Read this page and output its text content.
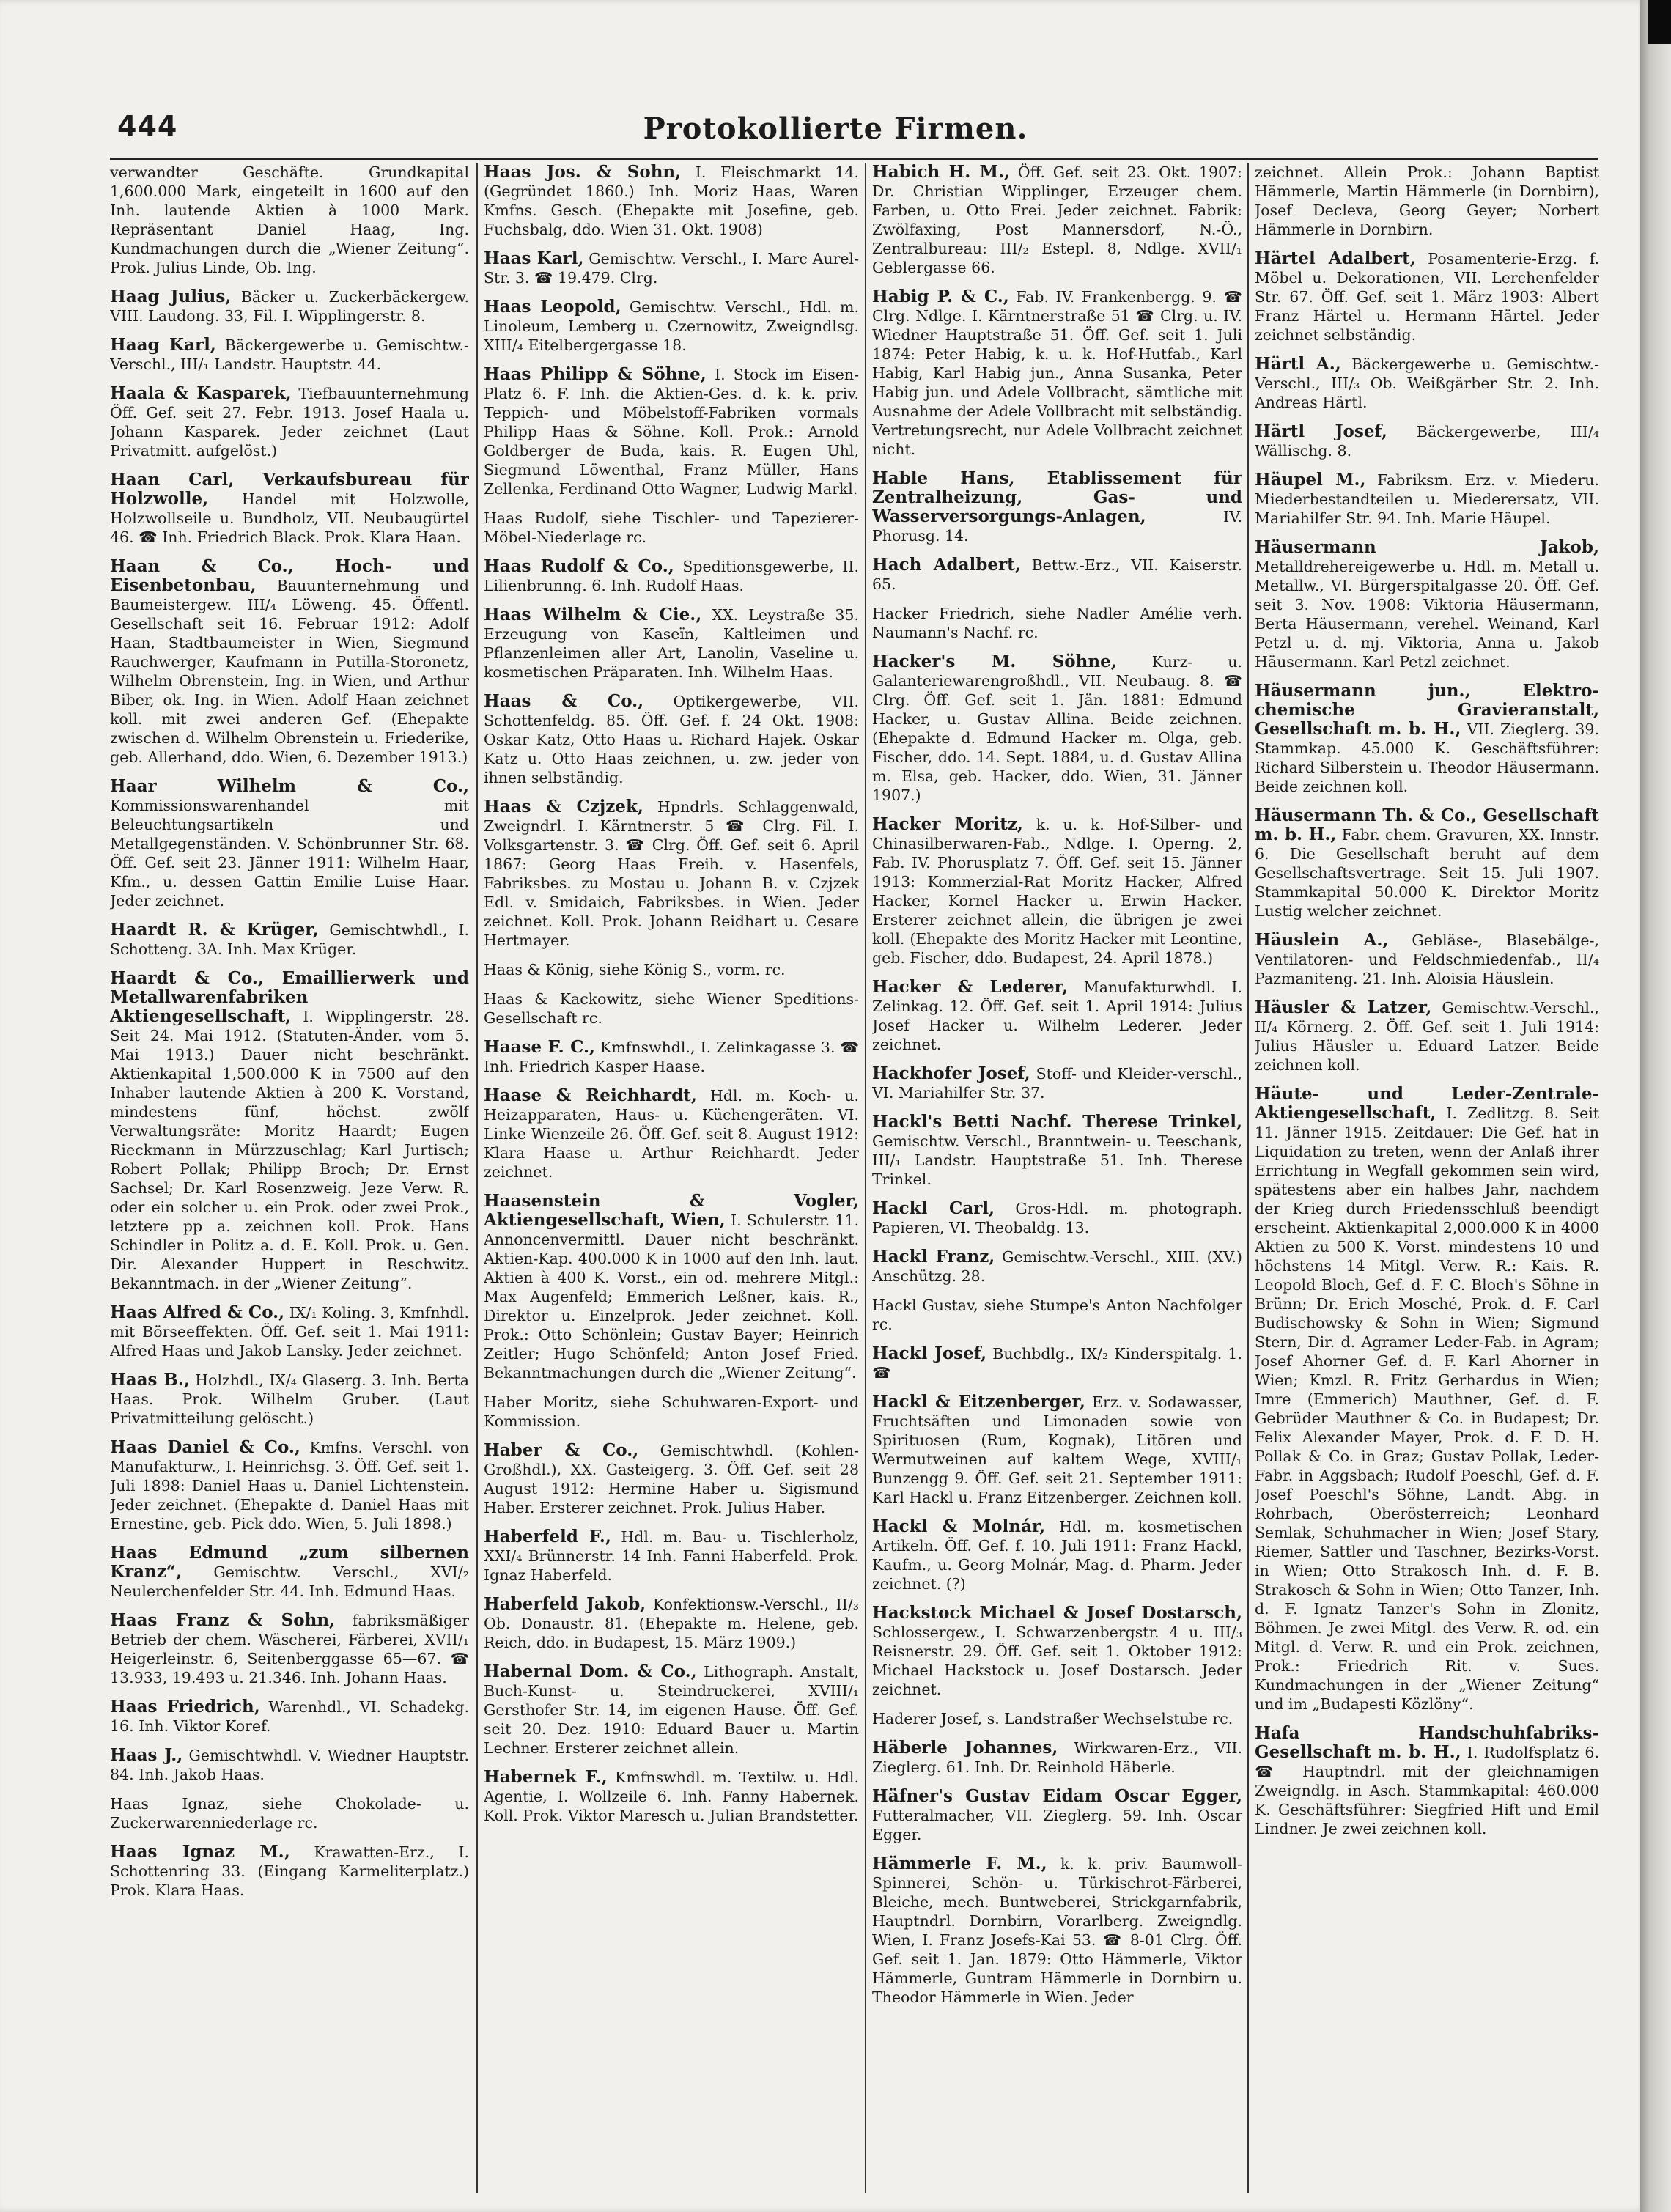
444	Protokollierte Firmen.

verwandter Geschäfte. Grundkapital 1,600.000 Mark, eingeteilt in 1600 auf den Inh. lautende Aktien à 1000 Mark. Repräsentant Daniel Haag, Ing. Kundmachungen durch die „Wiener Zeitung“. Prok. Julius Linde, Ob. Ing.

Haag Julius, Bäcker u. Zuckerbäckergew. VIII. Laudong. 33, Fil. I. Wipplingerstr. 8.

Haag Karl, Bäckergewerbe u. Gemischtw.-Verschl., III/₁ Landstr. Hauptstr. 44.

Haala & Kasparek, Tiefbauunternehmung Öff. Gef. seit 27. Febr. 1913. Josef Haala u. Johann Kasparek. Jeder zeichnet (Laut Privatmitt. aufgelöst.)

Haan Carl, Verkaufsbureau für Holzwolle, Handel mit Holzwolle, Holzwollseile u. Bundholz, VII. Neubaugürtel 46. ☎ Inh. Friedrich Black. Prok. Klara Haan.

Haan & Co., Hoch- und Eisenbetonbau, Bauunternehmung und Baumeistergew. III/₄ Löweng. 45. Öffentl. Gesellschaft seit 16. Februar 1912: Adolf Haan, Stadtbaumeister in Wien, Siegmund Rauchwerger, Kaufmann in Putilla-Storonetz, Wilhelm Obrenstein, Ing. in Wien, und Arthur Biber, ok. Ing. in Wien. Adolf Haan zeichnet koll. mit zwei anderen Gef. (Ehepakte zwischen d. Wilhelm Obrenstein u. Friederike, geb. Allerhand, ddo. Wien, 6. Dezember 1913.)

Haar Wilhelm & Co., Kommissionswarenhandel mit Beleuchtungsartikeln und Metallgegenständen. V. Schönbrunner Str. 68. Öff. Gef. seit 23. Jänner 1911: Wilhelm Haar, Kfm., u. dessen Gattin Emilie Luise Haar. Jeder zeichnet.

Haardt R. & Krüger, Gemischtwhdl., I. Schotteng. 3A. Inh. Max Krüger.

Haardt & Co., Emaillierwerk und Metallwarenfabriken Aktiengesellschaft, I. Wipplingerstr. 28. Seit 24. Mai 1912. (Statuten-Änder. vom 5. Mai 1913.) Dauer nicht beschränkt. Aktienkapital 1,500.000 K in 7500 auf den Inhaber lautende Aktien à 200 K. Vorstand, mindestens fünf, höchst. zwölf Verwaltungsräte: Moritz Haardt; Eugen Rieckmann in Mürzzuschlag; Karl Jurtisch; Robert Pollak; Philipp Broch; Dr. Ernst Sachsel; Dr. Karl Rosenzweig. Jeze Verw. R. oder ein solcher u. ein Prok. oder zwei Prok., letztere pp a. zeichnen koll. Prok. Hans Schindler in Politz a. d. E. Koll. Prok. u. Gen. Dir. Alexander Huppert in Reschwitz. Bekanntmach. in der „Wiener Zeitung“.

Haas Alfred & Co., IX/₁ Koling. 3, Kmfnhdl. mit Börseeffekten. Öff. Gef. seit 1. Mai 1911: Alfred Haas und Jakob Lansky. Jeder zeichnet.

Haas B., Holzhdl., IX/₄ Glaserg. 3. Inh. Berta Haas. Prok. Wilhelm Gruber. (Laut Privatmitteilung gelöscht.)

Haas Daniel & Co., Kmfns. Verschl. von Manufakturw., I. Heinrichsg. 3. Öff. Gef. seit 1. Juli 1898: Daniel Haas u. Daniel Lichtenstein. Jeder zeichnet. (Ehepakte d. Daniel Haas mit Ernestine, geb. Pick ddo. Wien, 5. Juli 1898.)

Haas Edmund „zum silbernen Kranz“, Gemischtw. Verschl., XVI/₂ Neulerchenfelder Str. 44. Inh. Edmund Haas.

Haas Franz & Sohn, fabriksmäßiger Betrieb der chem. Wäscherei, Färberei, XVII/₁ Heigerleinstr. 6, Seitenberggasse 65—67. ☎ 13.933, 19.493 u. 21.346. Inh. Johann Haas.

Haas Friedrich, Warenhdl., VI. Schadekg. 16. Inh. Viktor Koref.

Haas J., Gemischtwhdl. V. Wiedner Hauptstr. 84. Inh. Jakob Haas.

Haas Ignaz, siehe Chokolade- u. Zuckerwarenniederlage rc.

Haas Ignaz M., Krawatten-Erz., I. Schottenring 33. (Eingang Karmeliterplatz.) Prok. Klara Haas.

Haas Jos. & Sohn, I. Fleischmarkt 14. (Gegründet 1860.) Inh. Moriz Haas, Waren Kmfns. Gesch. (Ehepakte mit Josefine, geb. Fuchsbalg, ddo. Wien 31. Okt. 1908)

Haas Karl, Gemischtw. Verschl., I. Marc Aurel-Str. 3. ☎ 19.479. Clrg.

Haas Leopold, Gemischtw. Verschl., Hdl. m. Linoleum, Lemberg u. Czernowitz, Zweigndlsg. XIII/₄ Eitelbergergasse 18.

Haas Philipp & Söhne, I. Stock im Eisen-Platz 6. F. Inh. die Aktien-Ges. d. k. k. priv. Teppich- und Möbelstoff-Fabriken vormals Philipp Haas & Söhne. Koll. Prok.: Arnold Goldberger de Buda, kais. R. Eugen Uhl, Siegmund Löwenthal, Franz Müller, Hans Zellenka, Ferdinand Otto Wagner, Ludwig Markl.

Haas Rudolf, siehe Tischler- und Tapezierer-Möbel-Niederlage rc.

Haas Rudolf & Co., Speditionsgewerbe, II. Lilienbrunng. 6. Inh. Rudolf Haas.

Haas Wilhelm & Cie., XX. Leystraße 35. Erzeugung von Kaseïn, Kaltleimen und Pflanzenleimen aller Art, Lanolin, Vaseline u. kosmetischen Präparaten. Inh. Wilhelm Haas.

Haas & Co., Optikergewerbe, VII. Schottenfeldg. 85. Öff. Gef. f. 24 Okt. 1908: Oskar Katz, Otto Haas u. Richard Hajek. Oskar Katz u. Otto Haas zeichnen, u. zw. jeder von ihnen selbständig.

Haas & Czjzek, Hpndrls. Schlaggenwald, Zweigndrl. I. Kärntnerstr. 5 ☎ Clrg. Fil. I. Volksgartenstr. 3. ☎ Clrg. Öff. Gef. seit 6. April 1867: Georg Haas Freih. v. Hasenfels, Fabriksbes. zu Mostau u. Johann B. v. Czjzek Edl. v. Smidaich, Fabriksbes. in Wien. Jeder zeichnet. Koll. Prok. Johann Reidhart u. Cesare Hertmayer.

Haas & König, siehe König S., vorm. rc.

Haas & Kackowitz, siehe Wiener Speditions-Gesellschaft rc.

Haase F. C., Kmfnswhdl., I. Zelinkagasse 3. ☎ Inh. Friedrich Kasper Haase.

Haase & Reichhardt, Hdl. m. Koch- u. Heizapparaten, Haus- u. Küchengeräten. VI. Linke Wienzeile 26. Öff. Gef. seit 8. August 1912: Klara Haase u. Arthur Reichhardt. Jeder zeichnet.

Haasenstein & Vogler, Aktiengesellschaft, Wien, I. Schulerstr. 11. Annoncenvermittl. Dauer nicht beschränkt. Aktien-Kap. 400.000 K in 1000 auf den Inh. laut. Aktien à 400 K. Vorst., ein od. mehrere Mitgl.: Max Augenfeld; Emmerich Leßner, kais. R., Direktor u. Einzelprok. Jeder zeichnet. Koll. Prok.: Otto Schönlein; Gustav Bayer; Heinrich Zeitler; Hugo Schönfeld; Anton Josef Fried. Bekanntmachungen durch die „Wiener Zeitung“.

Haber Moritz, siehe Schuhwaren-Export- und Kommission.

Haber & Co., Gemischtwhdl. (Kohlen-Großhdl.), XX. Gasteigerg. 3. Öff. Gef. seit 28 August 1912: Hermine Haber u. Sigismund Haber. Ersterer zeichnet. Prok. Julius Haber.

Haberfeld F., Hdl. m. Bau- u. Tischlerholz, XXI/₄ Brünnerstr. 14 Inh. Fanni Haberfeld. Prok. Ignaz Haberfeld.

Haberfeld Jakob, Konfektionsw.-Verschl., II/₃ Ob. Donaustr. 81. (Ehepakte m. Helene, geb. Reich, ddo. in Budapest, 15. März 1909.)

Habernal Dom. & Co., Lithograph. Anstalt, Buch-Kunst- u. Steindruckerei, XVIII/₁ Gersthofer Str. 14, im eigenen Hause. Öff. Gef. seit 20. Dez. 1910: Eduard Bauer u. Martin Lechner. Ersterer zeichnet allein.

Habernek F., Kmfnswhdl. m. Textilw. u. Hdl. Agentie, I. Wollzeile 6. Inh. Fanny Habernek. Koll. Prok. Viktor Maresch u. Julian Brandstetter.

Habich H. M., Öff. Gef. seit 23. Okt. 1907: Dr. Christian Wipplinger, Erzeuger chem. Farben, u. Otto Frei. Jeder zeichnet. Fabrik: Zwölfaxing, Post Mannersdorf, N.-Ö., Zentralbureau: III/₂ Estepl. 8, Ndlge. XVII/₁ Geblergasse 66.

Habig P. & C., Fab. IV. Frankenbergg. 9. ☎ Clrg. Ndlge. I. Kärntnerstraße 51 ☎ Clrg. u. IV. Wiedner Hauptstraße 51. Öff. Gef. seit 1. Juli 1874: Peter Habig, k. u. k. Hof-Hutfab., Karl Habig, Karl Habig jun., Anna Susanka, Peter Habig jun. und Adele Vollbracht, sämtliche mit Ausnahme der Adele Vollbracht mit selbständig. Vertretungsrecht, nur Adele Vollbracht zeichnet nicht.

Hable Hans, Etablissement für Zentralheizung, Gas- und Wasserversorgungs-Anlagen, IV. Phorusg. 14.

Hach Adalbert, Bettw.-Erz., VII. Kaiserstr. 65.

Hacker Friedrich, siehe Nadler Amélie verh. Naumann's Nachf. rc.

Hacker's M. Söhne, Kurz- u. Galanteriewarengroßhdl., VII. Neubaug. 8. ☎ Clrg. Öff. Gef. seit 1. Jän. 1881: Edmund Hacker, u. Gustav Allina. Beide zeichnen. (Ehepakte d. Edmund Hacker m. Olga, geb. Fischer, ddo. 14. Sept. 1884, u. d. Gustav Allina m. Elsa, geb. Hacker, ddo. Wien, 31. Jänner 1907.)

Hacker Moritz, k. u. k. Hof-Silber- und Chinasilberwaren-Fab., Ndlge. I. Operng. 2, Fab. IV. Phorusplatz 7. Öff. Gef. seit 15. Jänner 1913: Kommerzial-Rat Moritz Hacker, Alfred Hacker, Kornel Hacker u. Erwin Hacker. Ersterer zeichnet allein, die übrigen je zwei koll. (Ehepakte des Moritz Hacker mit Leontine, geb. Fischer, ddo. Budapest, 24. April 1878.)

Hacker & Lederer, Manufakturwhdl. I. Zelinkag. 12. Öff. Gef. seit 1. April 1914: Julius Josef Hacker u. Wilhelm Lederer. Jeder zeichnet.

Hackhofer Josef, Stoff- und Kleider-verschl., VI. Mariahilfer Str. 37.

Hackl's Betti Nachf. Therese Trinkel, Gemischtw. Verschl., Branntwein- u. Teeschank, III/₁ Landstr. Hauptstraße 51. Inh. Therese Trinkel.

Hackl Carl, Gros-Hdl. m. photograph. Papieren, VI. Theobaldg. 13.

Hackl Franz, Gemischtw.-Verschl., XIII. (XV.) Anschützg. 28.

Hackl Gustav, siehe Stumpe's Anton Nachfolger rc.

Hackl Josef, Buchbdlg., IX/₂ Kinderspitalg. 1. ☎

Hackl & Eitzenberger, Erz. v. Sodawasser, Fruchtsäften und Limonaden sowie von Spirituosen (Rum, Kognak), Litören und Wermutweinen auf kaltem Wege, XVIII/₁ Bunzengg 9. Öff. Gef. seit 21. September 1911: Karl Hackl u. Franz Eitzenberger. Zeichnen koll.

Hackl & Molnár, Hdl. m. kosmetischen Artikeln. Öff. Gef. f. 10. Juli 1911: Franz Hackl, Kaufm., u. Georg Molnár, Mag. d. Pharm. Jeder zeichnet. (?)

Hackstock Michael & Josef Dostarsch, Schlossergew., I. Schwarzenbergstr. 4 u. III/₃ Reisnerstr. 29. Öff. Gef. seit 1. Oktober 1912: Michael Hackstock u. Josef Dostarsch. Jeder zeichnet.

Haderer Josef, s. Landstraßer Wechselstube rc.

Häberle Johannes, Wirkwaren-Erz., VII. Zieglerg. 61. Inh. Dr. Reinhold Häberle.

Häfner's Gustav Eidam Oscar Egger, Futteralmacher, VII. Zieglerg. 59. Inh. Oscar Egger.

Hämmerle F. M., k. k. priv. Baumwoll-Spinnerei, Schön- u. Türkischrot-Färberei, Bleiche, mech. Buntweberei, Strickgarnfabrik, Hauptndrl. Dornbirn, Vorarlberg. Zweigndlg. Wien, I. Franz Josefs-Kai 53. ☎ 8-01 Clrg. Öff. Gef. seit 1. Jan. 1879: Otto Hämmerle, Viktor Hämmerle, Guntram Hämmerle in Dornbirn u. Theodor Hämmerle in Wien. Jeder

zeichnet. Allein Prok.: Johann Baptist Hämmerle, Martin Hämmerle (in Dornbirn), Josef Decleva, Georg Geyer; Norbert Hämmerle in Dornbirn.

Härtel Adalbert, Posamenterie-Erzg. f. Möbel u. Dekorationen, VII. Lerchenfelder Str. 67. Öff. Gef. seit 1. März 1903: Albert Franz Härtel u. Hermann Härtel. Jeder zeichnet selbständig.

Härtl A., Bäckergewerbe u. Gemischtw.-Verschl., III/₃ Ob. Weißgärber Str. 2. Inh. Andreas Härtl.

Härtl Josef, Bäckergewerbe, III/₄ Wällischg. 8.

Häupel M., Fabriksm. Erz. v. Miederu. Miederbestandteilen u. Miederersatz, VII. Mariahilfer Str. 94. Inh. Marie Häupel.

Häusermann Jakob, Metalldrehereigewerbe u. Hdl. m. Metall u. Metallw., VI. Bürgerspitalgasse 20. Öff. Gef. seit 3. Nov. 1908: Viktoria Häusermann, Berta Häusermann, verehel. Weinand, Karl Petzl u. d. mj. Viktoria, Anna u. Jakob Häusermann. Karl Petzl zeichnet.

Häusermann jun., Elektro-chemische Gravieranstalt, Gesellschaft m. b. H., VII. Zieglerg. 39. Stammkap. 45.000 K. Geschäftsführer: Richard Silberstein u. Theodor Häusermann. Beide zeichnen koll.

Häusermann Th. & Co., Gesellschaft m. b. H., Fabr. chem. Gravuren, XX. Innstr. 6. Die Gesellschaft beruht auf dem Gesellschaftsvertrage. Seit 15. Juli 1907. Stammkapital 50.000 K. Direktor Moritz Lustig welcher zeichnet.

Häuslein A., Gebläse-, Blasebälge-, Ventilatoren- und Feldschmiedenfab., II/₄ Pazmaniteng. 21. Inh. Aloisia Häuslein.

Häusler & Latzer, Gemischtw.-Verschl., II/₄ Körnerg. 2. Öff. Gef. seit 1. Juli 1914: Julius Häusler u. Eduard Latzer. Beide zeichnen koll.

Häute- und Leder-Zentrale-Aktiengesellschaft, I. Zedlitzg. 8. Seit 11. Jänner 1915. Zeitdauer: Die Gef. hat in Liquidation zu treten, wenn der Anlaß ihrer Errichtung in Wegfall gekommen sein wird, spätestens aber ein halbes Jahr, nachdem der Krieg durch Friedensschluß beendigt erscheint. Aktienkapital 2,000.000 K in 4000 Aktien zu 500 K. Vorst. mindestens 10 und höchstens 14 Mitgl. Verw. R.: Kais. R. Leopold Bloch, Gef. d. F. C. Bloch's Söhne in Brünn; Dr. Erich Mosché, Prok. d. F. Carl Budischowsky & Sohn in Wien; Sigmund Stern, Dir. d. Agramer Leder-Fab. in Agram; Josef Ahorner Gef. d. F. Karl Ahorner in Wien; Kmzl. R. Fritz Gerhardus in Wien; Imre (Emmerich) Mauthner, Gef. d. F. Gebrüder Mauthner & Co. in Budapest; Dr. Felix Alexander Mayer, Prok. d. F. D. H. Pollak & Co. in Graz; Gustav Pollak, Leder-Fabr. in Aggsbach; Rudolf Poeschl, Gef. d. F. Josef Poeschl's Söhne, Landt. Abg. in Rohrbach, Oberösterreich; Leonhard Semlak, Schuhmacher in Wien; Josef Stary, Riemer, Sattler und Taschner, Bezirks-Vorst. in Wien; Otto Strakosch Inh. d. F. B. Strakosch & Sohn in Wien; Otto Tanzer, Inh. d. F. Ignatz Tanzer's Sohn in Zlonitz, Böhmen. Je zwei Mitgl. des Verw. R. od. ein Mitgl. d. Verw. R. und ein Prok. zeichnen, Prok.: Friedrich Rit. v. Sues. Kundmachungen in der „Wiener Zeitung“ und im „Budapesti Közlöny“.

Hafa Handschuhfabriks-Gesellschaft m. b. H., I. Rudolfsplatz 6. ☎ Hauptndrl. mit der gleichnamigen Zweigndlg. in Asch. Stammkapital: 460.000 K. Geschäftsführer: Siegfried Hift und Emil Lindner. Je zwei zeichnen koll.
